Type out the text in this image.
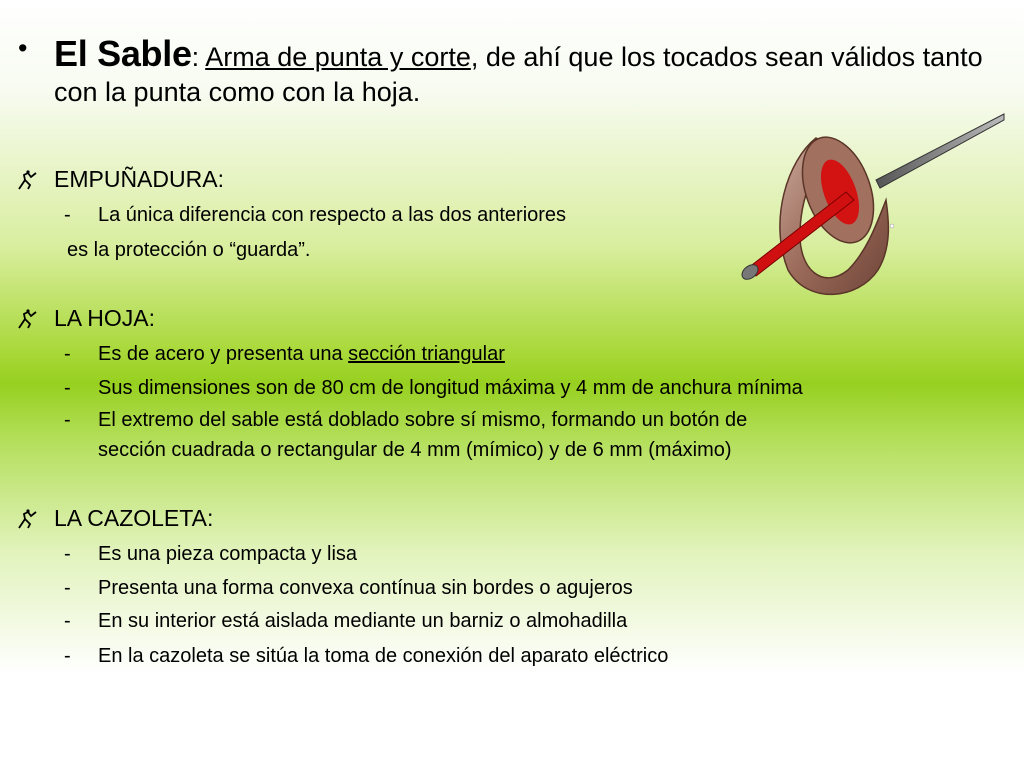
• El Sable: Arma de punta y corte, de ahí que los tocados sean válidos tanto con la punta como con la hoja.
EMPUÑADURA:
- La única diferencia con respecto a las dos anteriores
es la protección o “guarda”.
LA HOJA:
- Es de acero y presenta una sección triangular
- Sus dimensiones son de 80 cm de longitud máxima y 4 mm de anchura mínima
- El extremo del sable está doblado sobre sí mismo, formando un botón de
sección cuadrada o rectangular de 4 mm (mímico) y de 6 mm (máximo)
LA CAZOLETA:
- Es una pieza compacta y lisa
- Presenta una forma convexa contínua sin bordes o agujeros
- En su interior está aislada mediante un barniz o almohadilla
- En la cazoleta se sitúa la toma de conexión del aparato eléctrico
